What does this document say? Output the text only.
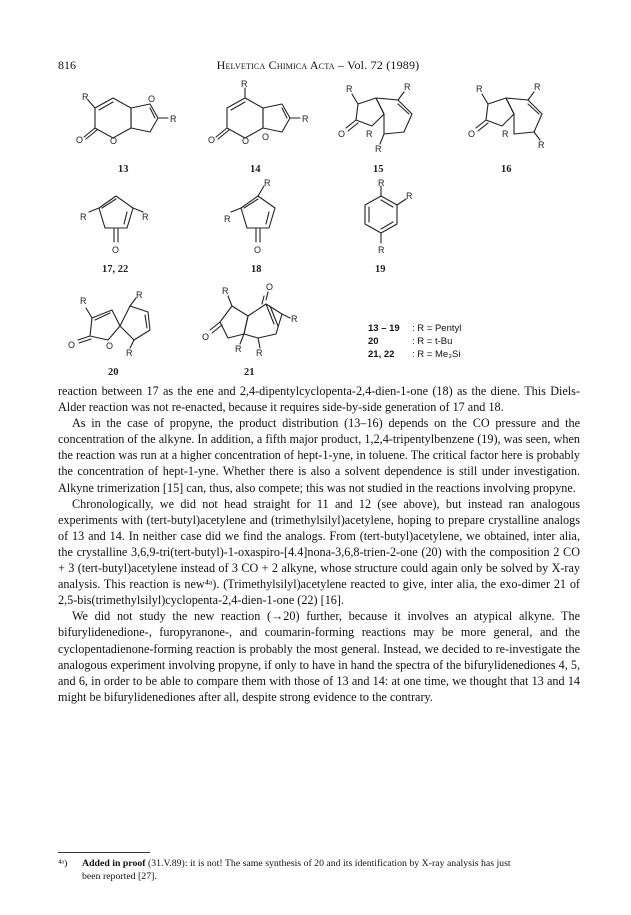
816	Helvetica Chimica Acta – Vol. 72 (1989)
R
O	O
O
R
13
R
O	O O
R
14
R	R
O R
R
15
R	R
O	R
R
16
R	R
O
17, 22
R
R
O
18
R
R
R
19
R
R
O	O
R
20
R	O
R
O
R R
21
13 – 19	: R = Pentyl
20	: R = t-Bu
21, 22	: R = Me₃Si

reaction between 17 as the ene and 2,4-dipentylcyclopenta-2,4-dien-1-one (18) as the diene. This Diels-Alder reaction was not re-enacted, because it requires side-by-side generation of 17 and 18.

As in the case of propyne, the product distribution (13–16) depends on the CO pressure and the concentration of the alkyne. In addition, a fifth major product, 1,2,4-tripentylbenzene (19), was seen, when the reaction was run at a higher concentration of hept-1-yne, in toluene. The critical factor here is probably the concentration of hept-1-yne. Whether there is also a solvent dependence is still under investigation. Alkyne trimerization [15] can, thus, also compete; this was not studied in the reactions involving propyne.

Chronologically, we did not head straight for 11 and 12 (see above), but instead ran analogous experiments with (tert-butyl)acetylene and (trimethylsilyl)acetylene, hoping to prepare crystalline analogs of 13 and 14. In neither case did we find the analogs. From (tert-butyl)acetylene, we obtained, inter alia, the crystalline 3,6,9-tri(tert-butyl)-1-oxaspiro-[4.4]nona-3,6,8-trien-2-one (20) with the composition 2 CO + 3 (tert-butyl)acetylene instead of 3 CO + 2 alkyne, whose structure could again only be solved by X-ray analysis. This reaction is new⁴ᵃ). (Trimethylsilyl)acetylene reacted to give, inter alia, the exo-dimer 21 of 2,5-bis(trimethylsilyl)cyclopenta-2,4-dien-1-one (22) [16].

We did not study the new reaction (→20) further, because it involves an atypical alkyne. The bifurylidenedione-, furopyranone-, and coumarin-forming reactions may be more general, and the cyclopentadienone-forming reaction is probably the most general. Instead, we decided to re-investigate the analogous experiment involving propyne, if only to have in hand the spectra of the bifurylidenediones 4, 5, and 6, in order to be able to compare them with those of 13 and 14: at one time, we thought that 13 and 14 might be bifurylidenediones after all, despite strong evidence to the contrary.

⁴ᵃ) Added in proof (31.V.89): it is not! The same synthesis of 20 and its identification by X-ray analysis has just
been reported [27].
